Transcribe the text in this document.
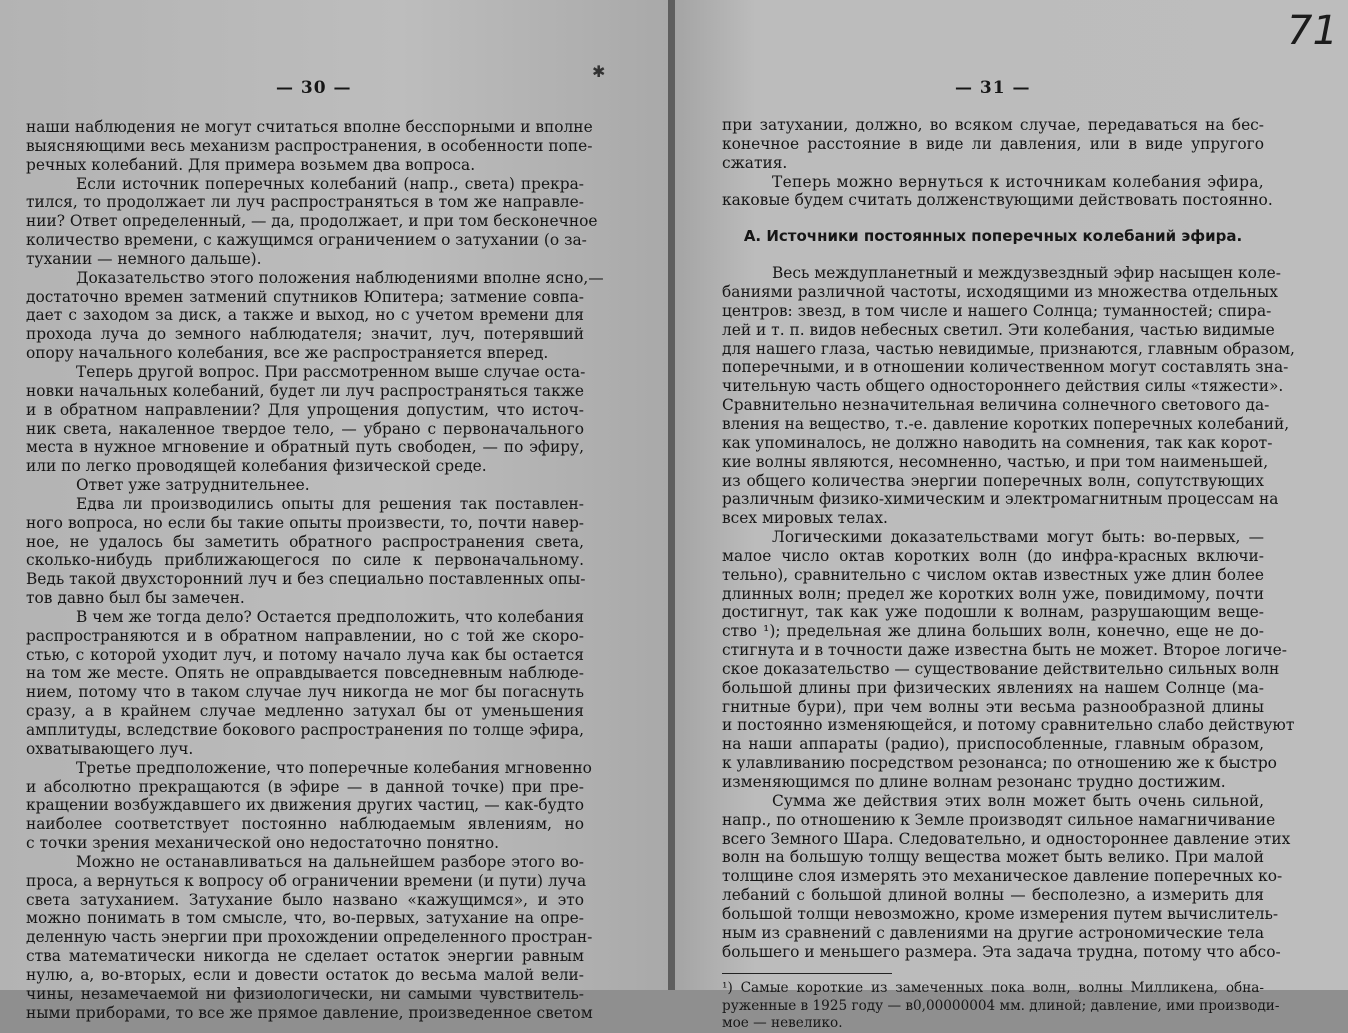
— 30 —
✱

наши наблюдения не могут считаться вполне бесспорными и вполне

выясняющими весь механизм распространения, в особенности попе-

речных колебаний. Для примера возьмем два вопроса.

Если источник поперечных колебаний (напр., света) прекра-

тился, то продолжает ли луч распространяться в том же направле-

нии? Ответ определенный, — да, продолжает, и при том бесконечное

количество времени, с кажущимся ограничением о затухании (о за-

тухании — немного дальше).

Доказательство этого положения наблюдениями вполне ясно,—

достаточно времен затмений спутников Юпитера; затмение совпа-

дает с заходом за диск, а также и выход, но с учетом времени для

прохода луча до земного наблюдателя; значит, луч, потерявший

опору начального колебания, все же распространяется вперед.

Теперь другой вопрос. При рассмотренном выше случае оста-

новки начальных колебаний, будет ли луч распространяться также

и в обратном направлении? Для упрощения допустим, что источ-

ник света, накаленное твердое тело, — убрано с первоначального

места в нужное мгновение и обратный путь свободен, — по эфиру,

или по легко проводящей колебания физической среде.

Ответ уже затруднительнее.

Едва ли производились опыты для решения так поставлен-

ного вопроса, но если бы такие опыты произвести, то, почти навер-

ное, не удалось бы заметить обратного распространения света,

сколько-нибудь приближающегося по силе к первоначальному.

Ведь такой двухсторонний луч и без специально поставленных опы-

тов давно был бы замечен.

В чем же тогда дело? Остается предположить, что колебания

распространяются и в обратном направлении, но с той же скоро-

стью, с которой уходит луч, и потому начало луча как бы остается

на том же месте. Опять не оправдывается повседневным наблюде-

нием, потому что в таком случае луч никогда не мог бы погаснуть

сразу, а в крайнем случае медленно затухал бы от уменьшения

амплитуды, вследствие бокового распространения по толще эфира,

охватывающего луч.

Третье предположение, что поперечные колебания мгновенно

и абсолютно прекращаются (в эфире — в данной точке) при пре-

кращении возбуждавшего их движения других частиц, — как-будто

наиболее соответствует постоянно наблюдаемым явлениям, но

с точки зрения механической оно недостаточно понятно.

Можно не останавливаться на дальнейшем разборе этого во-

проса, а вернуться к вопросу об ограничении времени (и пути) луча

света затуханием. Затухание было названо «кажущимся», и это

можно понимать в том смысле, что, во-первых, затухание на опре-

деленную часть энергии при прохождении определенного простран-

ства математически никогда не сделает остаток энергии равным

нулю, а, во-вторых, если и довести остаток до весьма малой вели-

чины, незамечаемой ни физиологически, ни самыми чувствитель-

ными приборами, то все же прямое давление, произведенное светом

— 31 —
71

при затухании, должно, во всяком случае, передаваться на бес-

конечное расстояние в виде ли давления, или в виде упругого

сжатия.

Теперь можно вернуться к источникам колебания эфира,

каковые будем считать долженствующими действовать постоянно.

А. Источники постоянных поперечных колебаний эфира.

Весь междупланетный и междузвездный эфир насыщен коле-

баниями различной частоты, исходящими из множества отдельных

центров: звезд, в том числе и нашего Солнца; туманностей; спира-

лей и т. п. видов небесных светил. Эти колебания, частью видимые

для нашего глаза, частью невидимые, признаются, главным образом,

поперечными, и в отношении количественном могут составлять зна-

чительную часть общего одностороннего действия силы «тяжести».

Сравнительно незначительная величина солнечного светового да-

вления на вещество, т.-е. давление коротких поперечных колебаний,

как упоминалось, не должно наводить на сомнения, так как корот-

кие волны являются, несомненно, частью, и при том наименьшей,

из общего количества энергии поперечных волн, сопутствующих

различным физико-химическим и электромагнитным процессам на

всех мировых телах.

Логическими доказательствами могут быть: во-первых, —

малое число октав коротких волн (до инфра-красных включи-

тельно), сравнительно с числом октав известных уже длин более

длинных волн; предел же коротких волн уже, повидимому, почти

достигнут, так как уже подошли к волнам, разрушающим веще-

ство ¹); предельная же длина больших волн, конечно, еще не до-

стигнута и в точности даже известна быть не может. Второе логиче-

ское доказательство — существование действительно сильных волн

большой длины при физических явлениях на нашем Солнце (ма-

гнитные бури), при чем волны эти весьма разнообразной длины

и постоянно изменяющейся, и потому сравнительно слабо действуют

на наши аппараты (радио), приспособленные, главным образом,

к улавливанию посредством резонанса; по отношению же к быстро

изменяющимся по длине волнам резонанс трудно достижим.

Сумма же действия этих волн может быть очень сильной,

напр., по отношению к Земле производят сильное намагничивание

всего Земного Шара. Следовательно, и одностороннее давление этих

волн на большую толщу вещества может быть велико. При малой

толщине слоя измерять это механическое давление поперечных ко-

лебаний с большой длиной волны — бесполезно, а измерить для

большой толщи невозможно, кроме измерения путем вычислитель-

ным из сравнений с давлениями на другие астрономические тела

большего и меньшего размера. Эта задача трудна, потому что абсо-

¹) Самые короткие из замеченных пока волн, волны Милликена, обна-

руженные в 1925 году — в0,00000004 мм. длиной; давление, ими производи-

мое — невелико.
